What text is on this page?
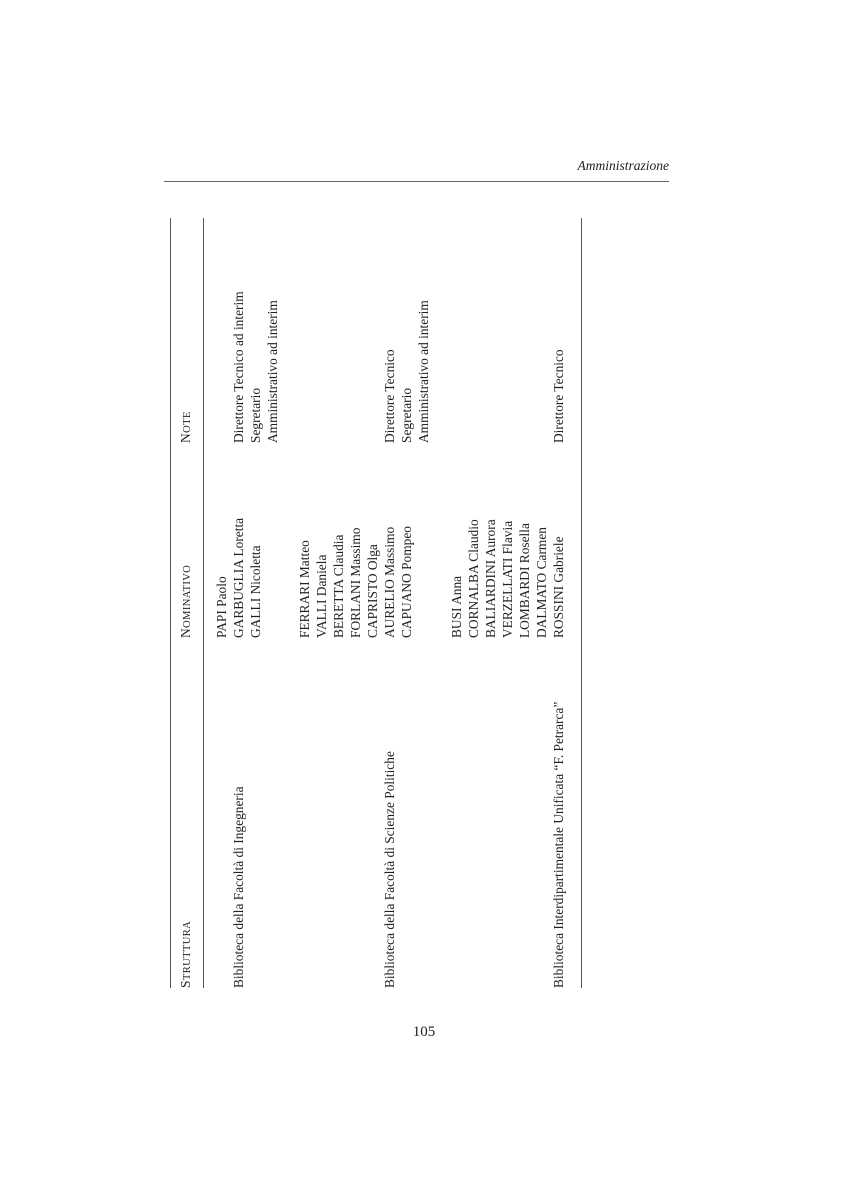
Amministrazione
STRUTTURA
NOMINATIVO
NOTE
PAPI Paolo
Biblioteca della Facoltà di Ingegneria
GARBUGLIA Loretta
Direttore Tecnico ad interim
GALLI Nicoletta
Segretario Amministrativo ad interim
FERRARI Matteo VALLI Daniela BERETTA Claudia FORLANI Massimo CAPRISTO Olga
Biblioteca della Facoltà di Scienze Politiche
AURELIO Massimo
Direttore Tecnico
CAPUANO Pompeo
Segretario Amministrativo ad interim
BUSI Anna CORNALBA Claudio BALIARDINI Aurora VERZELLATI Flavia LOMBARDI Rosella DALMATO Carmen
Biblioteca Interdipartimentale Unificata “F. Petrarca”
ROSSINI Gabriele
Direttore Tecnico
105
